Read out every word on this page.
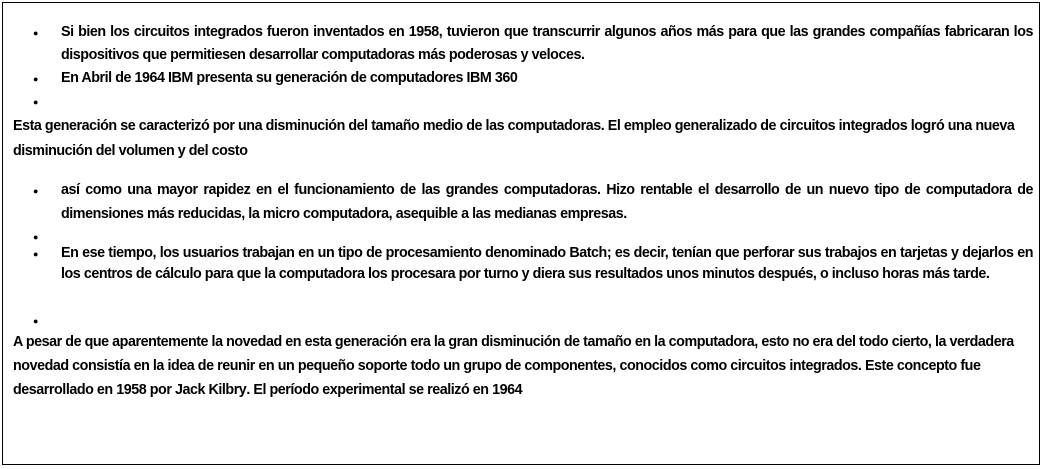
● Si bien los circuitos integrados fueron inventados en 1958, tuvieron que transcurrir algunos años más para que las grandes compañías fabricaran los dispositivos que permitiesen desarrollar computadoras más poderosas y veloces.
● En Abril de 1964 IBM presenta su generación de computadores IBM 360
●
Esta generación se caracterizó por una disminución del tamaño medio de las computadoras. El empleo generalizado de circuitos integrados logró una nueva disminución del volumen y del costo
● así como una mayor rapidez en el funcionamiento de las grandes computadoras. Hizo rentable el desarrollo de un nuevo tipo de computadora de dimensiones más reducidas, la micro computadora, asequible a las medianas empresas.
●
● En ese tiempo, los usuarios trabajan en un tipo de procesamiento denominado Batch; es decir, tenían que perforar sus trabajos en tarjetas y dejarlos en los centros de cálculo para que la computadora los procesara por turno y diera sus resultados unos minutos después, o incluso horas más tarde.
●
A pesar de que aparentemente la novedad en esta generación era la gran disminución de tamaño en la computadora, esto no era del todo cierto, la verdadera novedad consistía en la idea de reunir en un pequeño soporte todo un grupo de componentes, conocidos como circuitos integrados. Este concepto fue desarrollado en 1958 por Jack Kilbry. El período experimental se realizó en 1964
